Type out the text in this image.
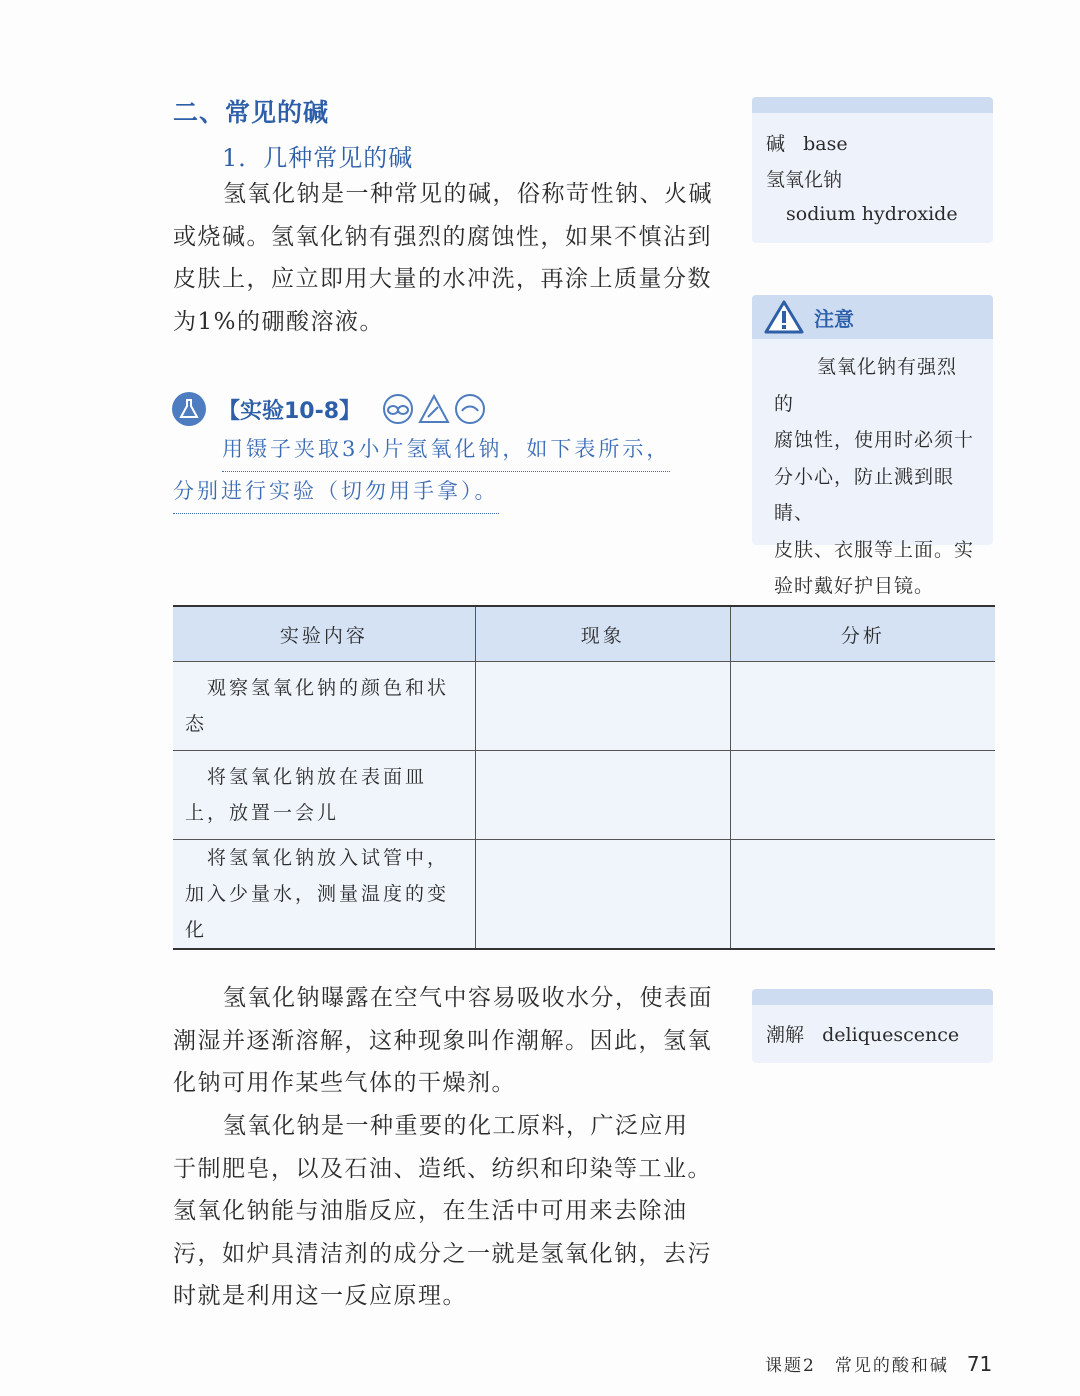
二、常见的碱
1．几种常见的碱
氢氧化钠是一种常见的碱，俗称苛性钠、火碱
或烧碱。氢氧化钠有强烈的腐蚀性，如果不慎沾到
皮肤上，应立即用大量的水冲洗，再涂上质量分数
为1%的硼酸溶液。
【实验10-8】
用镊子夹取3小片氢氧化钠，如下表所示，
分别进行实验（切勿用手拿）。
碱 base
氢氧化钠
sodium hydroxide
注意
氢氧化钠有强烈的
腐蚀性，使用时必须十
分小心，防止溅到眼睛、
皮肤、衣服等上面。实
验时戴好护目镜。
实验内容	现象	分析
观察氢氧化钠的颜色和状态		
将氢氧化钠放在表面皿上，放置一会儿		
将氢氧化钠放入试管中，加入少量水，测量温度的变化		
氢氧化钠曝露在空气中容易吸收水分，使表面
潮湿并逐渐溶解，这种现象叫作潮解。因此，氢氧
化钠可用作某些气体的干燥剂。
潮解 deliquescence
氢氧化钠是一种重要的化工原料，广泛应用
于制肥皂，以及石油、造纸、纺织和印染等工业。
氢氧化钠能与油脂反应，在生活中可用来去除油
污，如炉具清洁剂的成分之一就是氢氧化钠，去污
时就是利用这一反应原理。
课题2　常见的酸和碱 71
